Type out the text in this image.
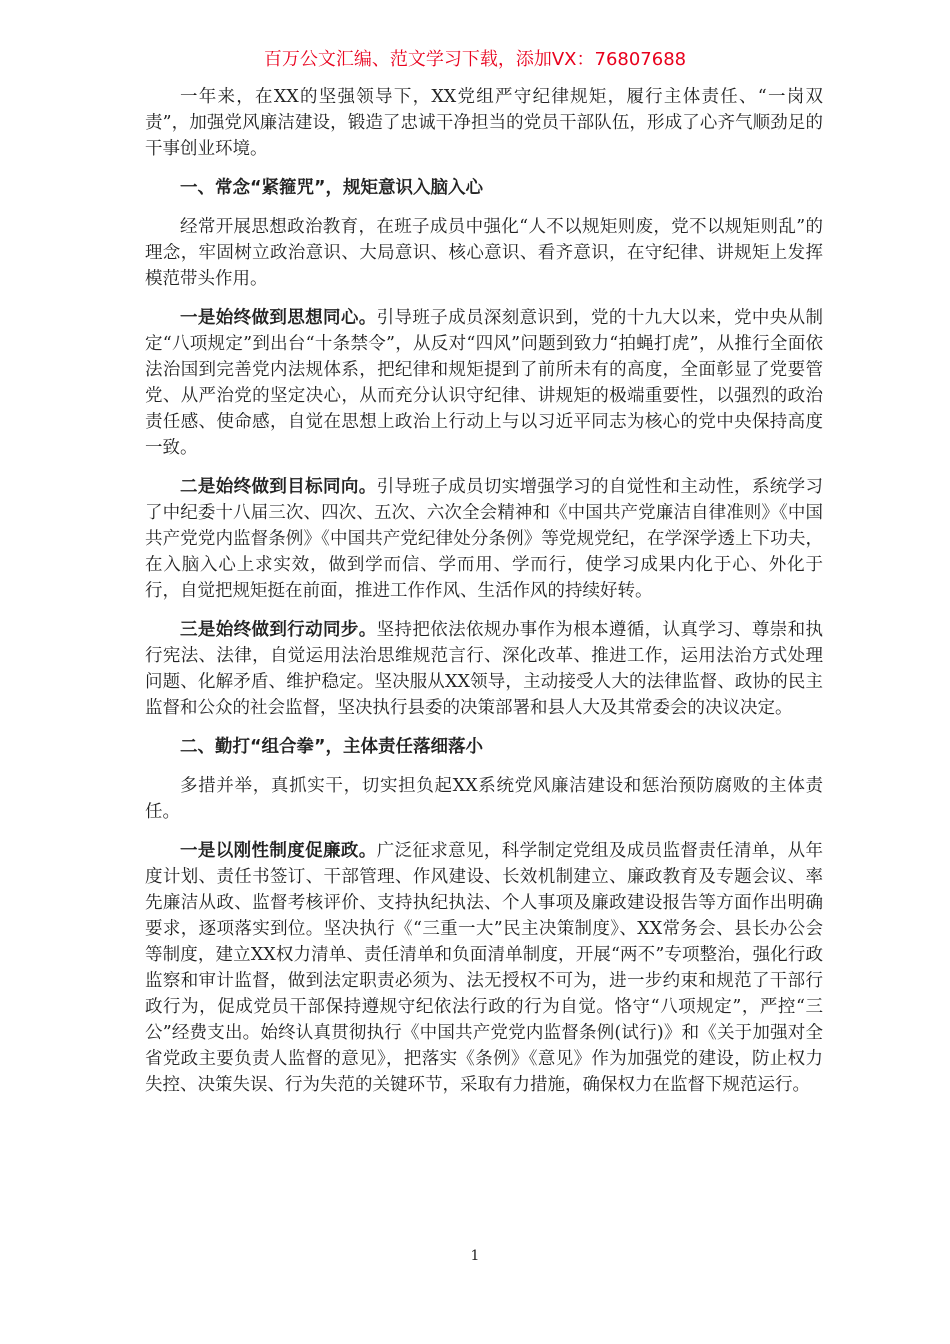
百万公文汇编、范文学习下载，添加VX：76807688

一年来，在XX的坚强领导下，XX党组严守纪律规矩，履行主体责任、“一岗双责”，加强党风廉洁建设，锻造了忠诚干净担当的党员干部队伍，形成了心齐气顺劲足的干事创业环境。

一、常念“紧箍咒”，规矩意识入脑入心

经常开展思想政治教育，在班子成员中强化“人不以规矩则废，党不以规矩则乱”的理念，牢固树立政治意识、大局意识、核心意识、看齐意识，在守纪律、讲规矩上发挥模范带头作用。

一是始终做到思想同心。引导班子成员深刻意识到，党的十九大以来，党中央从制定“八项规定”到出台“十条禁令”，从反对“四风”问题到致力“拍蝇打虎”，从推行全面依法治国到完善党内法规体系，把纪律和规矩提到了前所未有的高度，全面彰显了党要管党、从严治党的坚定决心，从而充分认识守纪律、讲规矩的极端重要性，以强烈的政治责任感、使命感，自觉在思想上政治上行动上与以习近平同志为核心的党中央保持高度一致。

二是始终做到目标同向。引导班子成员切实增强学习的自觉性和主动性，系统学习了中纪委十八届三次、四次、五次、六次全会精神和《中国共产党廉洁自律准则》《中国共产党党内监督条例》《中国共产党纪律处分条例》等党规党纪，在学深学透上下功夫，在入脑入心上求实效，做到学而信、学而用、学而行，使学习成果内化于心、外化于行，自觉把规矩挺在前面，推进工作作风、生活作风的持续好转。

三是始终做到行动同步。坚持把依法依规办事作为根本遵循，认真学习、尊崇和执行宪法、法律，自觉运用法治思维规范言行、深化改革、推进工作，运用法治方式处理问题、化解矛盾、维护稳定。坚决服从XX领导，主动接受人大的法律监督、政协的民主监督和公众的社会监督，坚决执行县委的决策部署和县人大及其常委会的决议决定。

二、勤打“组合拳”，主体责任落细落小

多措并举，真抓实干，切实担负起XX系统党风廉洁建设和惩治预防腐败的主体责任。

一是以刚性制度促廉政。广泛征求意见，科学制定党组及成员监督责任清单，从年度计划、责任书签订、干部管理、作风建设、长效机制建立、廉政教育及专题会议、率先廉洁从政、监督考核评价、支持执纪执法、个人事项及廉政建设报告等方面作出明确要求，逐项落实到位。坚决执行《“三重一大”民主决策制度》、XX常务会、县长办公会等制度，建立XX权力清单、责任清单和负面清单制度，开展“两不”专项整治，强化行政监察和审计监督，做到法定职责必须为、法无授权不可为，进一步约束和规范了干部行政行为，促成党员干部保持遵规守纪依法行政的行为自觉。恪守“八项规定”，严控“三公”经费支出。始终认真贯彻执行《中国共产党党内监督条例(试行)》和《关于加强对全省党政主要负责人监督的意见》，把落实《条例》《意见》作为加强党的建设，防止权力失控、决策失误、行为失范的关键环节，采取有力措施，确保权力在监督下规范运行。

1
